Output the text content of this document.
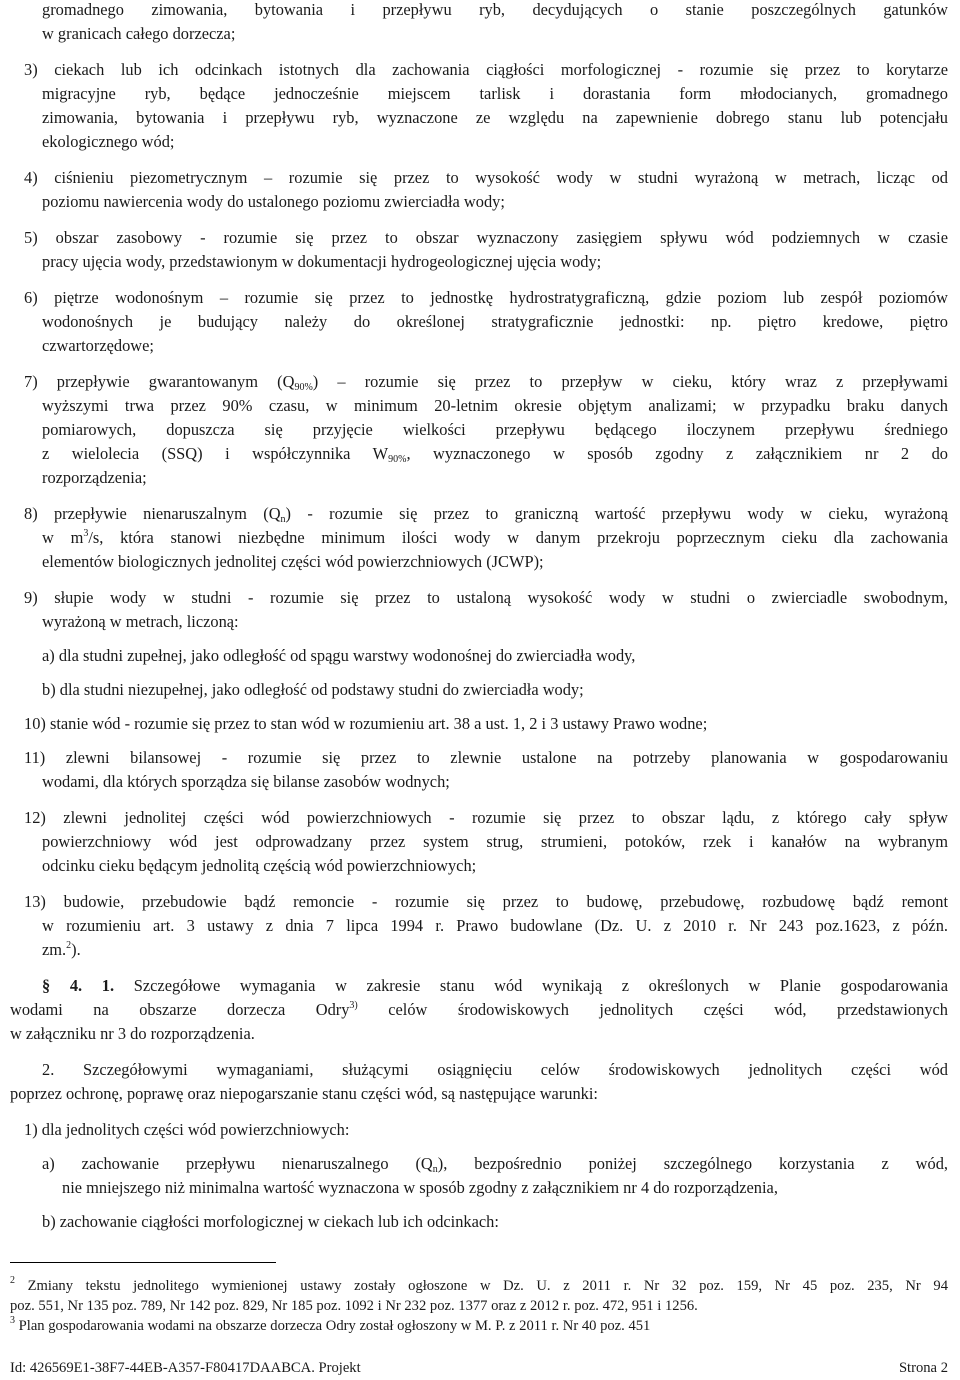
gromadnego zimowania, bytowania i przepływu ryb, decydujących o stanie poszczególnych gatunków
w granicach całego dorzecza;
3) ciekach lub ich odcinkach istotnych dla zachowania ciągłości morfologicznej - rozumie się przez to korytarze
migracyjne ryb, będące jednocześnie miejscem tarlisk i dorastania form młodocianych, gromadnego
zimowania, bytowania i przepływu ryb, wyznaczone ze względu na zapewnienie dobrego stanu lub potencjału
ekologicznego wód;
4) ciśnieniu piezometrycznym – rozumie się przez to wysokość wody w studni wyrażoną w metrach, licząc od
poziomu nawiercenia wody do ustalonego poziomu zwierciadła wody;
5) obszar zasobowy - rozumie się przez to obszar wyznaczony zasięgiem spływu wód podziemnych w czasie
pracy ujęcia wody, przedstawionym w dokumentacji hydrogeologicznej ujęcia wody;
6) piętrze wodonośnym – rozumie się przez to jednostkę hydrostratygraficzną, gdzie poziom lub zespół poziomów
wodonośnych je budujący należy do określonej stratygraficznie jednostki: np. piętro kredowe, piętro
czwartorzędowe;
7) przepływie gwarantowanym $(Q_{90\%})$ – rozumie się przez to przepływ w cieku, który wraz z przepływami
wyższymi trwa przez 90% czasu, w minimum 20-letnim okresie objętym analizami; w przypadku braku danych
pomiarowych, dopuszcza się przyjęcie wielkości przepływu będącego iloczynem przepływu średniego
z wielolecia (SSQ) i współczynnika $W_{90\%}$, wyznaczonego w sposób zgodny z załącznikiem nr 2 do
rozporządzenia;
8) przepływie nienaruszalnym $(Q_n)$ - rozumie się przez to graniczną wartość przepływu wody w cieku, wyrażoną
w $m^3/s$, która stanowi niezbędne minimum ilości wody w danym przekroju poprzecznym cieku dla zachowania
elementów biologicznych jednolitej części wód powierzchniowych (JCWP);
9) słupie wody w studni - rozumie się przez to ustaloną wysokość wody w studni o zwierciadle swobodnym,
wyrażoną w metrach, liczoną:
a) dla studni zupełnej, jako odległość od spągu warstwy wodonośnej do zwierciadła wody,
b) dla studni niezupełnej, jako odległość od podstawy studni do zwierciadła wody;
10) stanie wód - rozumie się przez to stan wód w rozumieniu art. 38 a ust. 1, 2 i 3 ustawy Prawo wodne;
11) zlewni bilansowej - rozumie się przez to zlewnie ustalone na potrzeby planowania w gospodarowaniu
wodami, dla których sporządza się bilanse zasobów wodnych;
12) zlewni jednolitej części wód powierzchniowych - rozumie się przez to obszar lądu, z którego cały spływ
powierzchniowy wód jest odprowadzany przez system strug, strumieni, potoków, rzek i kanałów na wybranym
odcinku cieku będącym jednolitą częścią wód powierzchniowych;
13) budowie, przebudowie bądź remoncie - rozumie się przez to budowę, przebudowę, rozbudowę bądź remont
w rozumieniu art. 3 ustawy z dnia 7 lipca 1994 r. Prawo budowlane (Dz. U. z 2010 r. Nr 243 poz.1623, z późn.
zm.$^2$).
§ 4. 1. Szczegółowe wymagania w zakresie stanu wód wynikają z określonych w Planie gospodarowania
wodami na obszarze dorzecza Odry$^{3)}$ celów środowiskowych jednolitych części wód, przedstawionych
w załączniku nr 3 do rozporządzenia.
2. Szczegółowymi wymaganiami, służącymi osiągnięciu celów środowiskowych jednolitych części wód
poprzez ochronę, poprawę oraz niepogarszanie stanu części wód, są następujące warunki:
1) dla jednolitych części wód powierzchniowych:
a) zachowanie przepływu nienaruszalnego $(Q_n)$, bezpośrednio poniżej szczególnego korzystania z wód,
nie mniejszego niż minimalna wartość wyznaczona w sposób zgodny z załącznikiem nr 4 do rozporządzenia,
b) zachowanie ciągłości morfologicznej w ciekach lub ich odcinkach:
$^2$ Zmiany tekstu jednolitego wymienionej ustawy zostały ogłoszone w Dz. U. z 2011 r. Nr 32 poz. 159, Nr 45 poz. 235, Nr 94
poz. 551, Nr 135 poz. 789, Nr 142 poz. 829, Nr 185 poz. 1092 i Nr 232 poz. 1377 oraz z 2012 r. poz. 472, 951 i 1256.
$^3$ Plan gospodarowania wodami na obszarze dorzecza Odry został ogłoszony w M. P. z 2011 r. Nr 40 poz. 451
Id: 426569E1-38F7-44EB-A357-F80417DAABCA. Projekt	Strona 2
